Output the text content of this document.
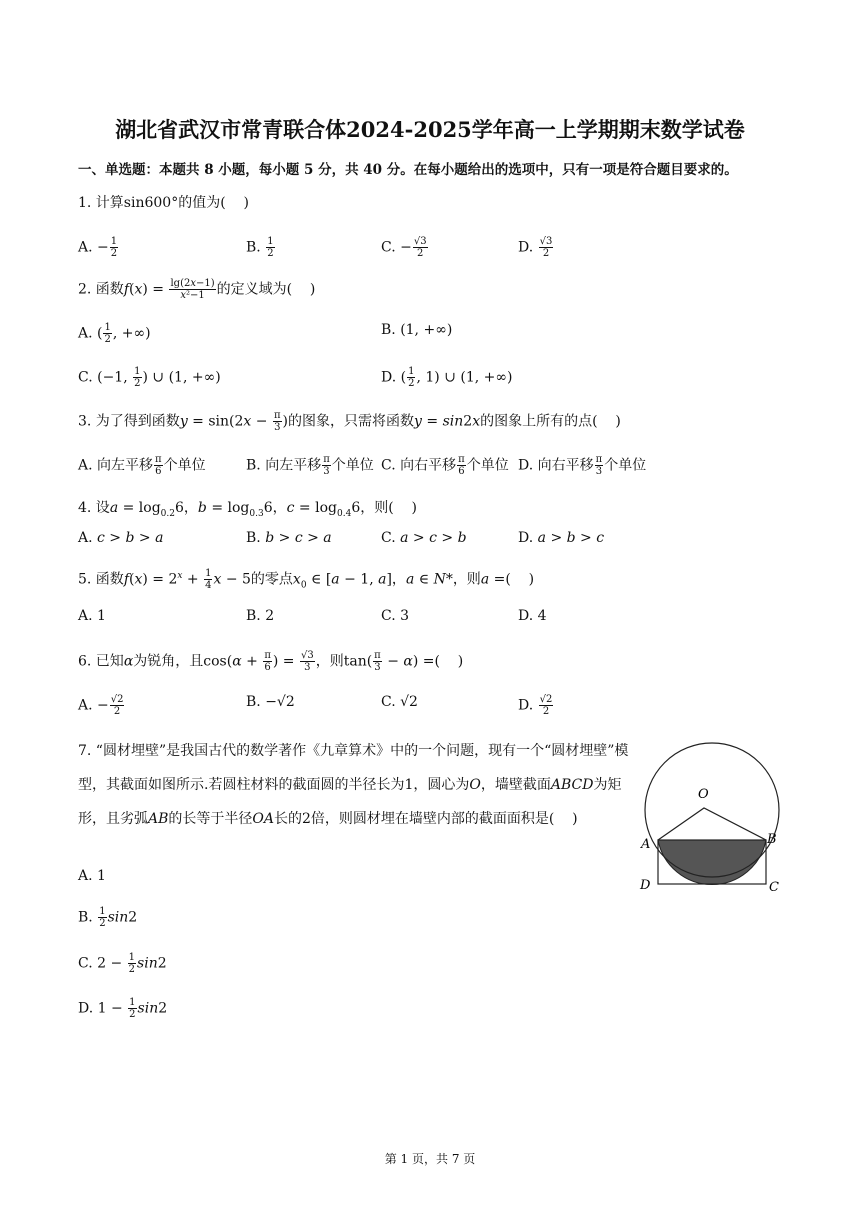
湖北省武汉市常青联合体2024-2025学年高一上学期期末数学试卷
一、单选题：本题共 8 小题，每小题 5 分，共 40 分。在每小题给出的选项中，只有一项是符合题目要求的。
1. 计算sin600°的值为(    )
A. − $\frac{1}{2}$	B. $\frac{1}{2}$	C. − $\frac{√3}{2}$	D. $\frac{√3}{2}$
2. 函数$f(x) = \frac{\lg(2x-1)}{\text{x²−1}}$ 的定义域为(    )
A. ( $\frac{1}{2}$ , +∞)	B. (1, +∞)
C. (−1, $\frac{1}{2}$ ) ∪ (1, +∞)	D. ( $\frac{1}{2}$ , 1) ∪ (1, +∞)
3. 为了得到函数$y = \sin(2x - \frac{\pi}{3}$ )的图象，只需将函数y = sin2x的图象上所有的点(    )
A. 向左平移 $\frac{\pi}{6}$ 个单位	B. 向左平移 $\frac{\pi}{3}$ 个单位 C. 向右平移 $\frac{\pi}{6}$ 个单位 D. 向右平移 $\frac{\pi}{3}$ 个单位
4. 设$a = \log_{0.2}6$，$b = \log_{0.3}6$，$c = \log_{0.4}6$，则(    )
A. c > b > a	B. b > c > a	C. a > c > b	D. a > b > c
5. 函数$f(x) = 2^x + \frac{1}{4}$ x − 5的零点$x_0$ ∈ [a − 1, a]，a ∈ N*，则a =(    )
A. 1	B. 2	C. 3	D. 4
6. 已知α为锐角，且$\cos(\alpha + \frac{\pi}{6}$ ) = $\frac{√3}{3}$ ，则$\tan( \frac{\pi}{3} - \alpha)$ =(    )
A. − $\frac{√2}{2}$	B. −√2	C. √2	D. $\frac{√2}{2}$
7. “圆材埋壁”是我国古代的数学著作《九章算术》中的一个问题，现有一个“圆材埋壁”模型，其截面如图所示.若圆柱材料的截面圆的半径长为1，圆心为O，墙壁截面ABCD为矩形，且劣弧AB的长等于半径OA长的2倍，则圆材埋在墙壁内部的截面面积是(    )
A. 1
B. $\frac{1}{2} \sin 2$
C. $2 - \frac{1}{2} \sin 2$
D. $1 - \frac{1}{2} \sin 2$
O
A	B
D	C
第 1 页，共 7 页
